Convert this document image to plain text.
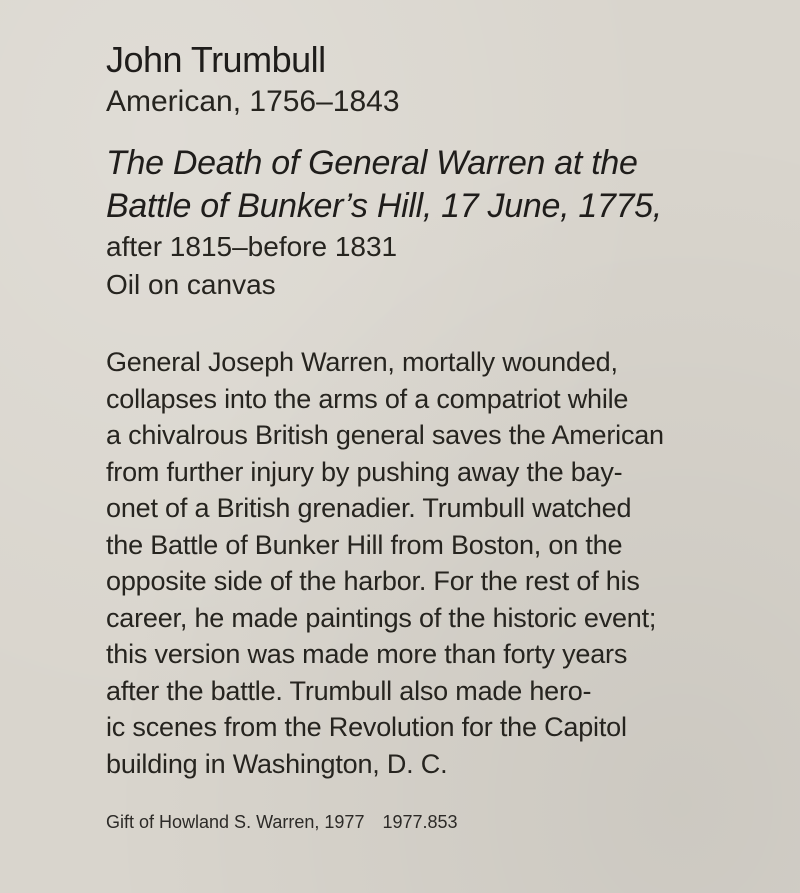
John Trumbull

American, 1756–1843

The Death of General Warren at the
Battle of Bunker’s Hill, 17 June, 1775,

after 1815–before 1831

Oil on canvas

General Joseph Warren, mortally wounded,
collapses into the arms of a compatriot while
a chivalrous British general saves the American
from further injury by pushing away the bay-
onet of a British grenadier. Trumbull watched
the Battle of Bunker Hill from Boston, on the
opposite side of the harbor. For the rest of his
career, he made paintings of the historic event;
this version was made more than forty years
after the battle. Trumbull also made hero-
ic scenes from the Revolution for the Capitol
building in Washington, D. C.

Gift of Howland S. Warren, 1977 1977.853
